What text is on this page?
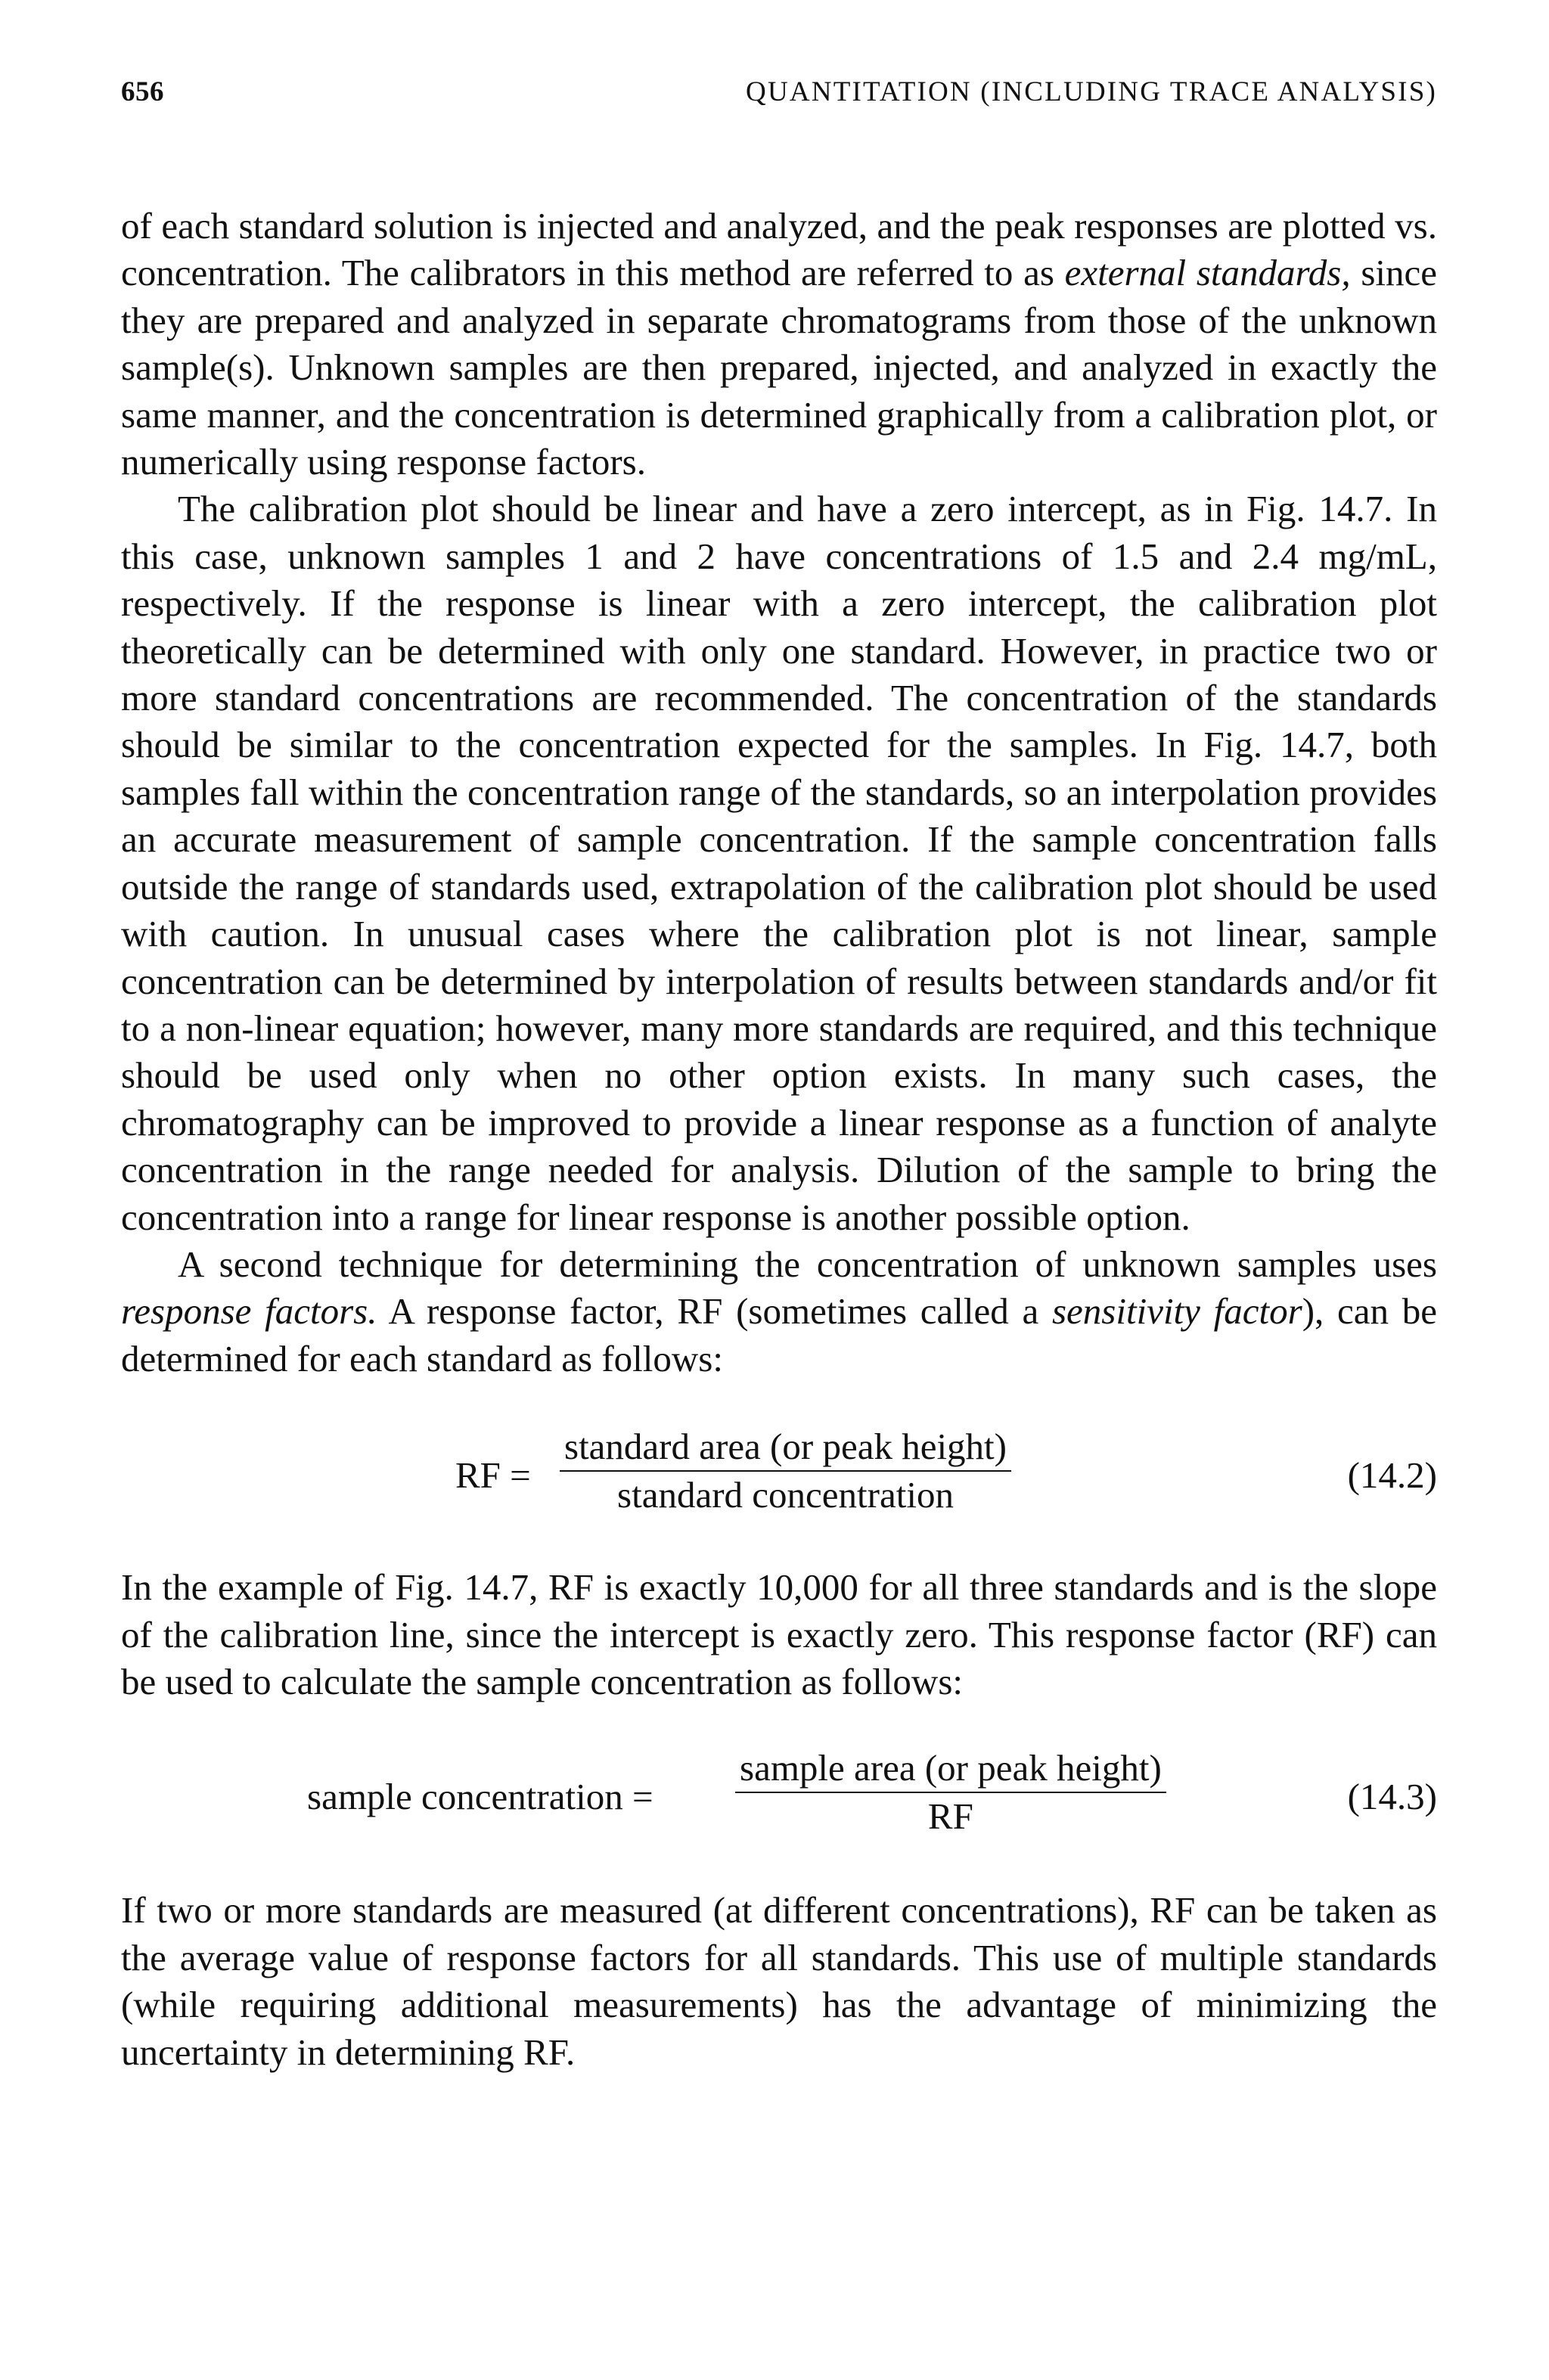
656	QUANTITATION (INCLUDING TRACE ANALYSIS)

of each standard solution is injected and analyzed, and the peak responses are plotted vs. concentration. The calibrators in this method are referred to as external standards, since they are prepared and analyzed in separate chromatograms from those of the unknown sample(s). Unknown samples are then prepared, injected, and analyzed in exactly the same manner, and the concentration is determined graphically from a calibration plot, or numerically using response factors.

The calibration plot should be linear and have a zero intercept, as in Fig. 14.7. In this case, unknown samples 1 and 2 have concentrations of 1.5 and 2.4 mg/mL, respectively. If the response is linear with a zero intercept, the calibration plot theoretically can be determined with only one standard. However, in practice two or more standard concentrations are recommended. The concentration of the standards should be similar to the concentration expected for the samples. In Fig. 14.7, both samples fall within the concentration range of the standards, so an interpolation provides an accurate measurement of sample concentration. If the sample concentration falls outside the range of standards used, extrapolation of the calibration plot should be used with caution. In unusual cases where the calibration plot is not linear, sample concentration can be determined by interpolation of results between standards and/or fit to a non-linear equation; however, many more standards are required, and this technique should be used only when no other option exists. In many such cases, the chromatography can be improved to provide a linear response as a function of analyte concentration in the range needed for analysis. Dilution of the sample to bring the concentration into a range for linear response is another possible option.

A second technique for determining the concentration of unknown samples uses response factors. A response factor, RF (sometimes called a sensitivity factor), can be determined for each standard as follows:

RF =
standard area (or peak height)
standard concentration	(14.2)

In the example of Fig. 14.7, RF is exactly 10,000 for all three standards and is the slope of the calibration line, since the intercept is exactly zero. This response factor (RF) can be used to calculate the sample concentration as follows:

sample concentration =
sample area (or peak height)
RF	(14.3)

If two or more standards are measured (at different concentrations), RF can be taken as the average value of response factors for all standards. This use of multiple standards (while requiring additional measurements) has the advantage of minimizing the uncertainty in determining RF.
